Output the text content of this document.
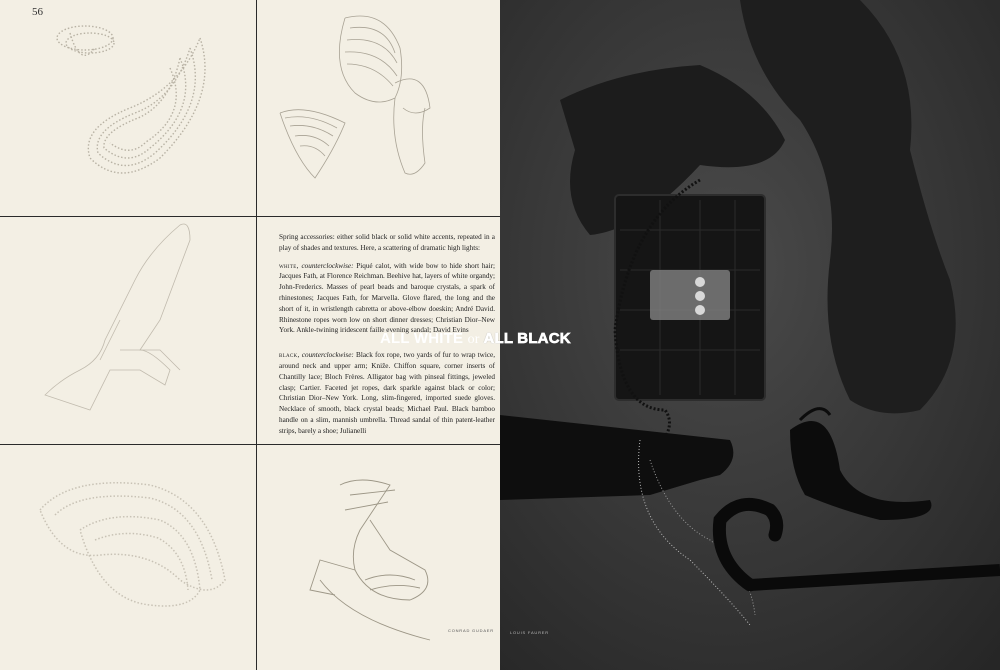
56

Spring accessories: either solid black or solid white accents, repeated in a play of shades and textures. Here, a scattering of dramatic high lights:

white, counterclockwise: Piqué calot, with wide bow to hide short hair; Jacques Fath, at Florence Reichman. Beehive hat, layers of white organdy; John-Frederics. Masses of pearl beads and baroque crystals, a spark of rhinestones; Jacques Fath, for Marvella. Glove flared, the long and the short of it, in wristlength cabretta or above-elbow doeskin; André David. Rhinestone ropes worn low on short dinner dresses; Christian Dior–New York. Ankle-twining iridescent faille evening sandal; David Evins

black, counterclockwise: Black fox rope, two yards of fur to wrap twice, around neck and upper arm; Kniže. Chiffon square, corner inserts of Chantilly lace; Bloch Frères. Alligator bag with pinseal fittings, jeweled clasp; Cartier. Faceted jet ropes, dark sparkle against black or color; Christian Dior–New York. Long, slim-fingered, imported suede gloves. Necklace of smooth, black crystal beads; Michael Paul. Black bamboo handle on a slim, mannish umbrella. Thread sandal of thin patent-leather strips, barely a shoe; Julianelli

CONRAD GUDAER	LOUIS FAURER
ALL WHITE or ALL BLACK
